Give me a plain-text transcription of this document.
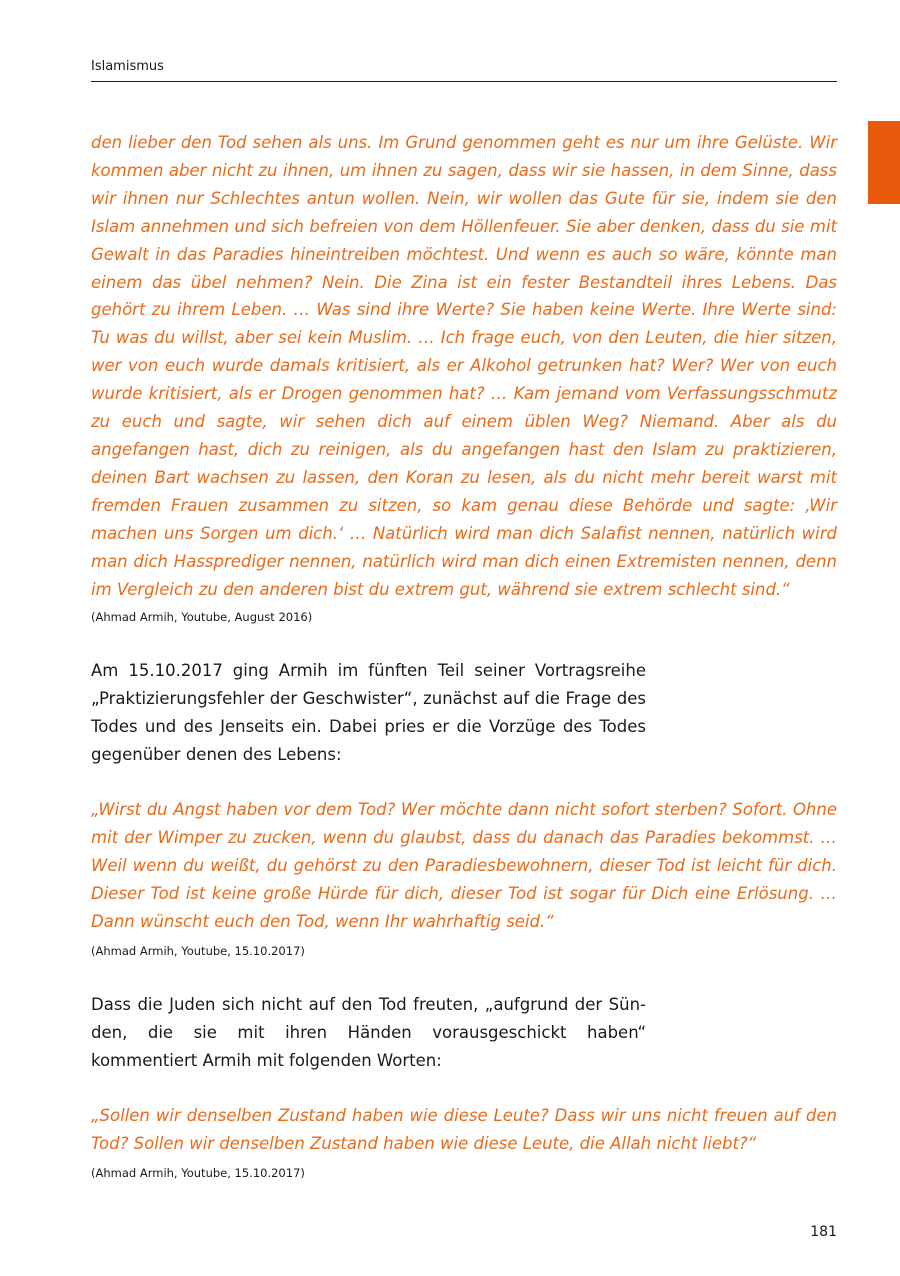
Islamismus

den lieber den Tod sehen als uns. Im Grund genommen geht es nur um ihre Gelüste. Wir kommen aber nicht zu ihnen, um ihnen zu sagen, dass wir sie hassen, in dem Sinne, dass wir ihnen nur Schlechtes antun wollen. Nein, wir wollen das Gute für sie, indem sie den Islam annehmen und sich befreien von dem Höllenfeuer. Sie aber denken, dass du sie mit Gewalt in das Paradies hineintreiben möchtest. Und wenn es auch so wäre, könnte man einem das übel nehmen? Nein. Die Zina ist ein fester Bestandteil ihres Lebens. Das gehört zu ihrem Leben. … Was sind ihre Werte? Sie haben keine Werte. Ihre Werte sind: Tu was du willst, aber sei kein Muslim. … Ich frage euch, von den Leuten, die hier sitzen, wer von euch wurde damals kritisiert, als er Alkohol getrunken hat? Wer? Wer von euch wurde kritisiert, als er Drogen genommen hat? … Kam jemand vom Verfassungsschmutz zu euch und sagte, wir sehen dich auf einem üblen Weg? Niemand. Aber als du angefangen hast, dich zu reinigen, als du angefangen hast den Islam zu praktizieren, deinen Bart wachsen zu lassen, den Koran zu lesen, als du nicht mehr bereit warst mit fremden Frauen zusammen zu sitzen, so kam genau diese Behörde und sagte: ‚Wir machen uns Sorgen um dich.‘ … Natürlich wird man dich Salafist nennen, natürlich wird man dich Hassprediger nennen, natürlich wird man dich einen Extremisten nennen, denn im Vergleich zu den anderen bist du extrem gut, während sie extrem schlecht sind.“

(Ahmad Armih, Youtube, August 2016)

Am 15.10.2017 ging Armih im fünften Teil seiner Vortragsreihe „Praktizierungsfehler der Geschwister“, zunächst auf die Frage des Todes und des Jenseits ein. Dabei pries er die Vorzüge des Todes gegenüber denen des Lebens:

„Wirst du Angst haben vor dem Tod? Wer möchte dann nicht sofort sterben? Sofort. Ohne mit der Wimper zu zucken, wenn du glaubst, dass du danach das Paradies bekommst. … Weil wenn du weißt, du gehörst zu den Paradiesbewohnern, dieser Tod ist leicht für dich. Dieser Tod ist keine große Hürde für dich, dieser Tod ist sogar für Dich eine Erlösung. … Dann wünscht euch den Tod, wenn Ihr wahrhaftig seid.“

(Ahmad Armih, Youtube, 15.10.2017)

Dass die Juden sich nicht auf den Tod freuten, „aufgrund der Sünden, die sie mit ihren Händen vorausgeschickt haben“ kommentiert Armih mit folgenden Worten:

„Sollen wir denselben Zustand haben wie diese Leute? Dass wir uns nicht freuen auf den Tod? Sollen wir denselben Zustand haben wie diese Leute, die Allah nicht liebt?“

(Ahmad Armih, Youtube, 15.10.2017)

181
